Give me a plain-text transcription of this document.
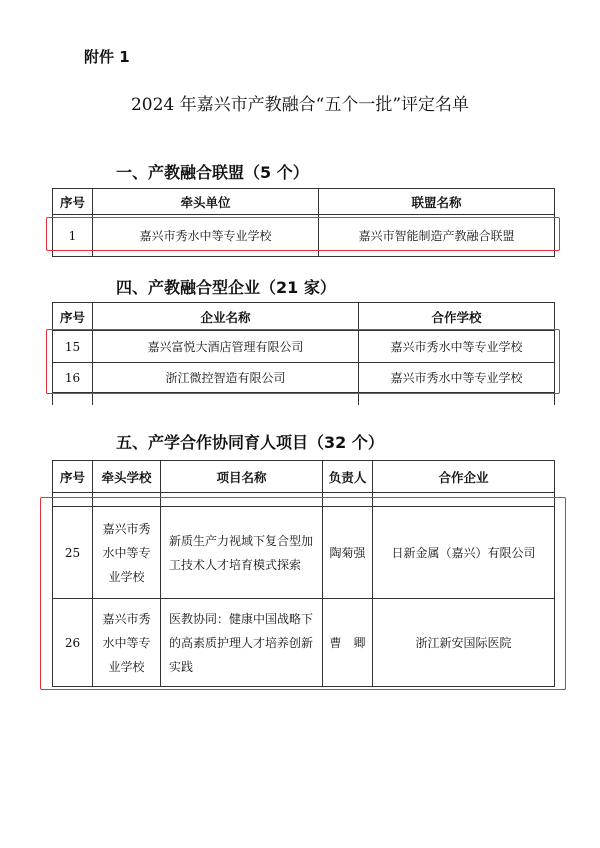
附件 1
2024 年嘉兴市产教融合“五个一批”评定名单
一、产教融合联盟（5 个）
序号	牵头单位	联盟名称
1	嘉兴市秀水中等专业学校	嘉兴市智能制造产教融合联盟
四、产教融合型企业（21 家）
序号	企业名称	合作学校
15	嘉兴富悦大酒店管理有限公司	嘉兴市秀水中等专业学校
16	浙江微控智造有限公司	嘉兴市秀水中等专业学校

五、产学合作协同育人项目（32 个）
序号	牵头学校	项目名称	负责人	合作企业

25	嘉兴市秀水中等专业学校	新质生产力视域下复合型加工技术人才培育模式探索	陶菊强	日新金属（嘉兴）有限公司
26	嘉兴市秀水中等专业学校	医教协同：健康中国战略下的高素质护理人才培养创新实践	曹　卿	浙江新安国际医院
